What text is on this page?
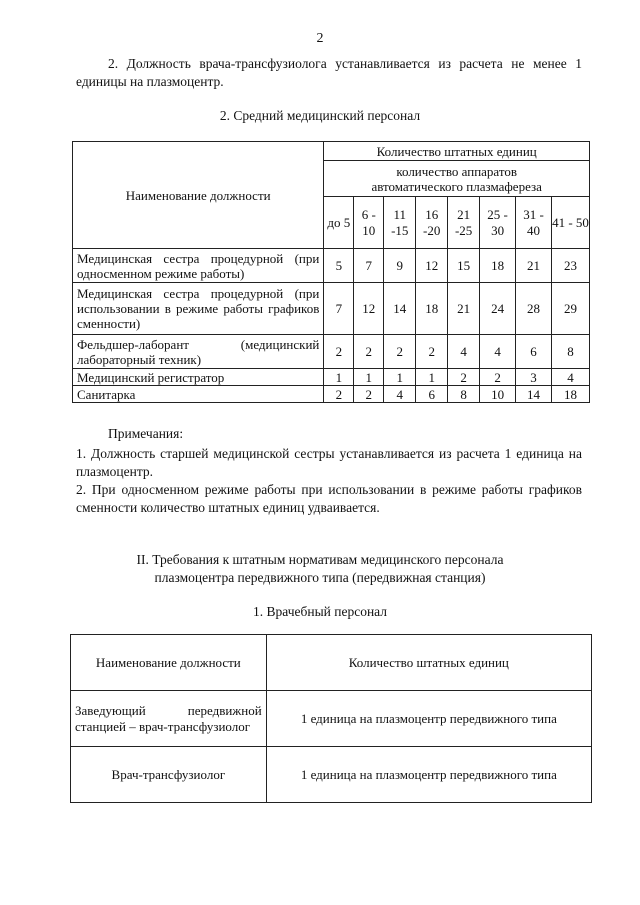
2
2. Должность врача-трансфузиолога устанавливается из расчета не менее 1 единицы на плазмоцентр.
2. Средний медицинский персонал
Наименование должности	Количество штатных единиц							
	количество аппаратов автоматического плазмафереза							
	до 5	6 - 10	11 -15	16 -20	21 -25	25 - 30	31 - 40	41 - 50
Медицинская сестра процедурной (при односменном режиме работы)	5	7	9	12	15	18	21	23
Медицинская сестра процедурной (при использовании в режиме работы графиков сменности)	7	12	14	18	21	24	28	29
Фельдшер-лаборант (медицинский лабораторный техник)	2	2	2	2	4	4	6	8
Медицинский регистратор	1	1	1	1	2	2	3	4
Санитарка	2	2	4	6	8	10	14	18
Примечания:
1. Должность старшей медицинской сестры устанавливается из расчета 1 единица на плазмоцентр.
2. При односменном режиме работы при использовании в режиме работы графиков сменности количество штатных единиц удваивается.
II. Требования к штатным нормативам медицинского персонала
плазмоцентра передвижного типа (передвижная станция)
1. Врачебный персонал
Наименование должности	Количество штатных единиц
Заведующий передвижной станцией – врач-трансфузиолог	1 единица на плазмоцентр передвижного типа
Врач-трансфузиолог	1 единица на плазмоцентр передвижного типа
